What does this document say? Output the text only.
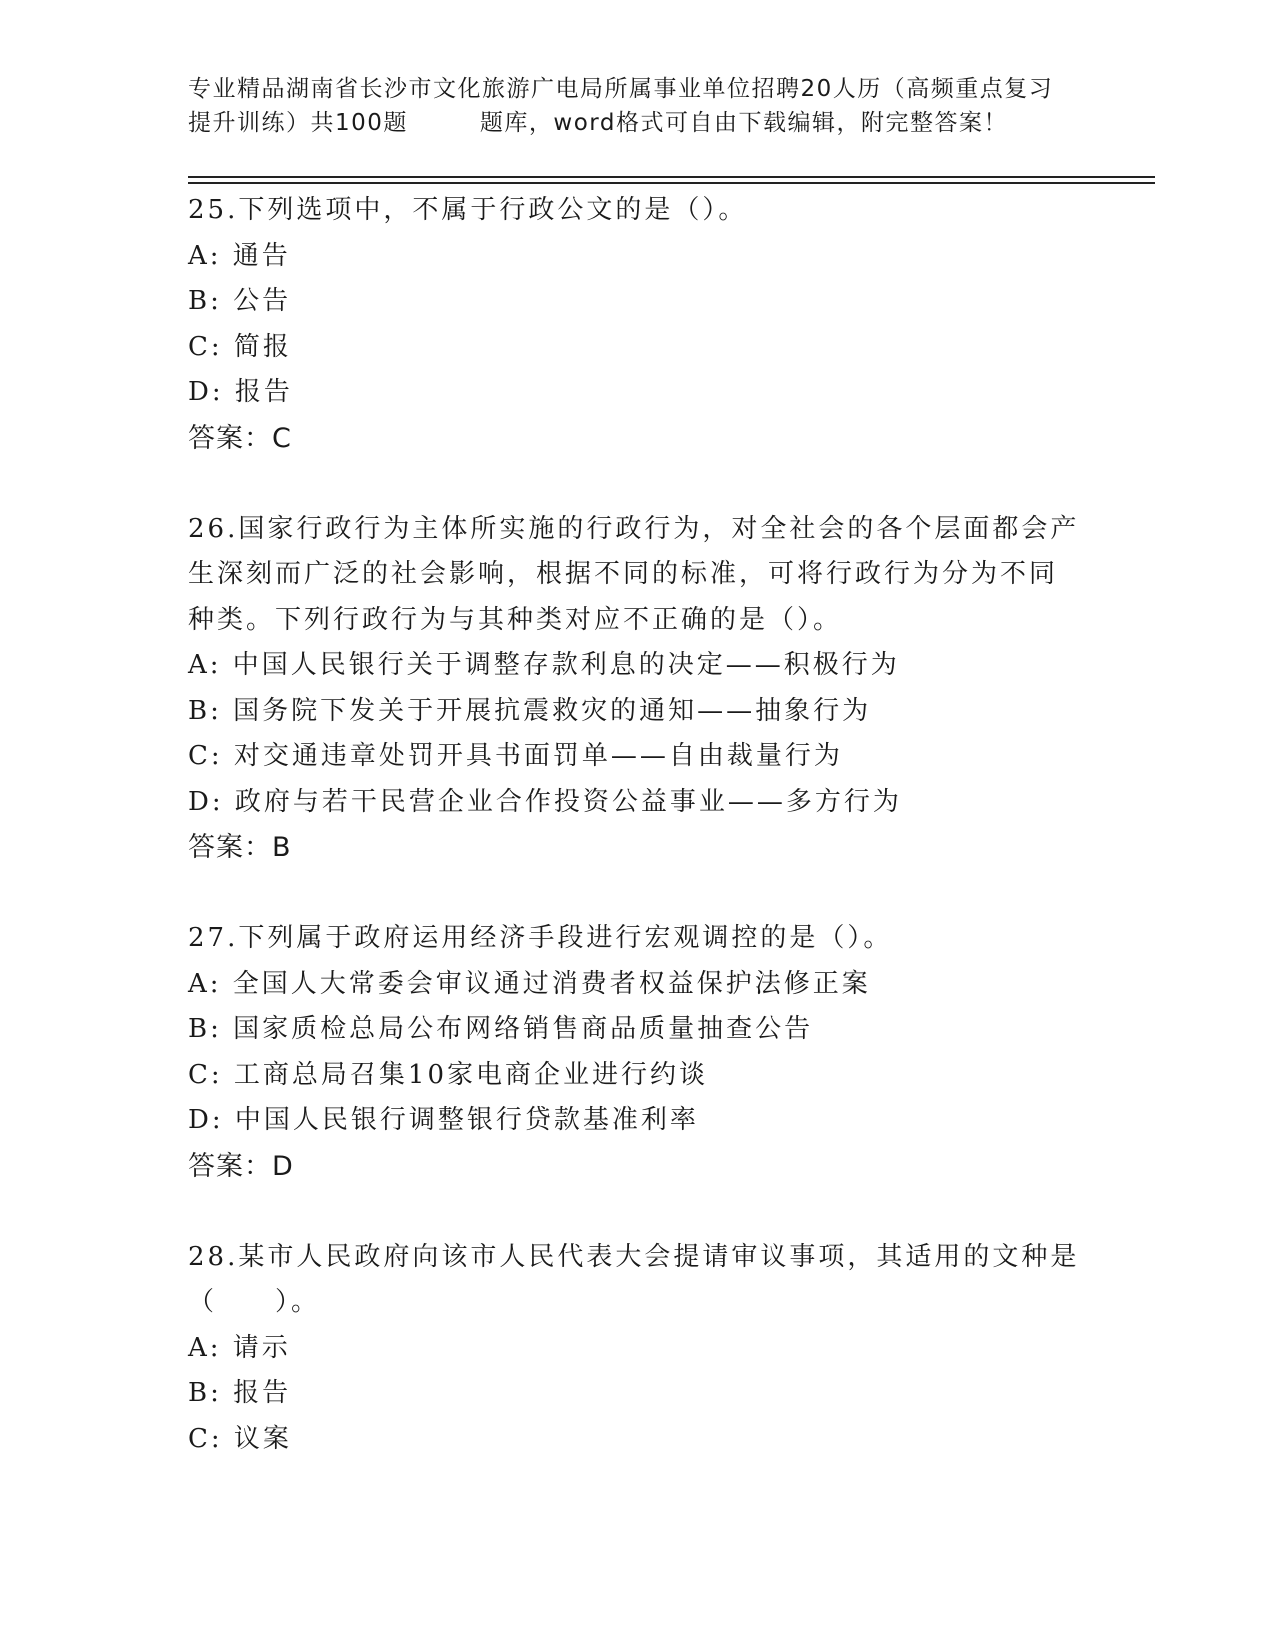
专业精品湖南省长沙市文化旅游广电局所属事业单位招聘20人历（高频重点复习
提升训练）共100题	题库，word格式可自由下载编辑，附完整答案！
25.下列选项中，不属于行政公文的是（）。
A: 通告
B: 公告
C: 简报
D: 报告
答案：C
26.国家行政行为主体所实施的行政行为，对全社会的各个层面都会产
生深刻而广泛的社会影响，根据不同的标准，可将行政行为分为不同
种类。下列行政行为与其种类对应不正确的是（）。
A: 中国人民银行关于调整存款利息的决定——积极行为
B: 国务院下发关于开展抗震救灾的通知——抽象行为
C: 对交通违章处罚开具书面罚单——自由裁量行为
D: 政府与若干民营企业合作投资公益事业——多方行为
答案：B
27.下列属于政府运用经济手段进行宏观调控的是（）。
A: 全国人大常委会审议通过消费者权益保护法修正案
B: 国家质检总局公布网络销售商品质量抽查公告
C: 工商总局召集10家电商企业进行约谈
D: 中国人民银行调整银行贷款基准利率
答案：D
28.某市人民政府向该市人民代表大会提请审议事项，其适用的文种是
（　　）。
A: 请示
B: 报告
C: 议案
